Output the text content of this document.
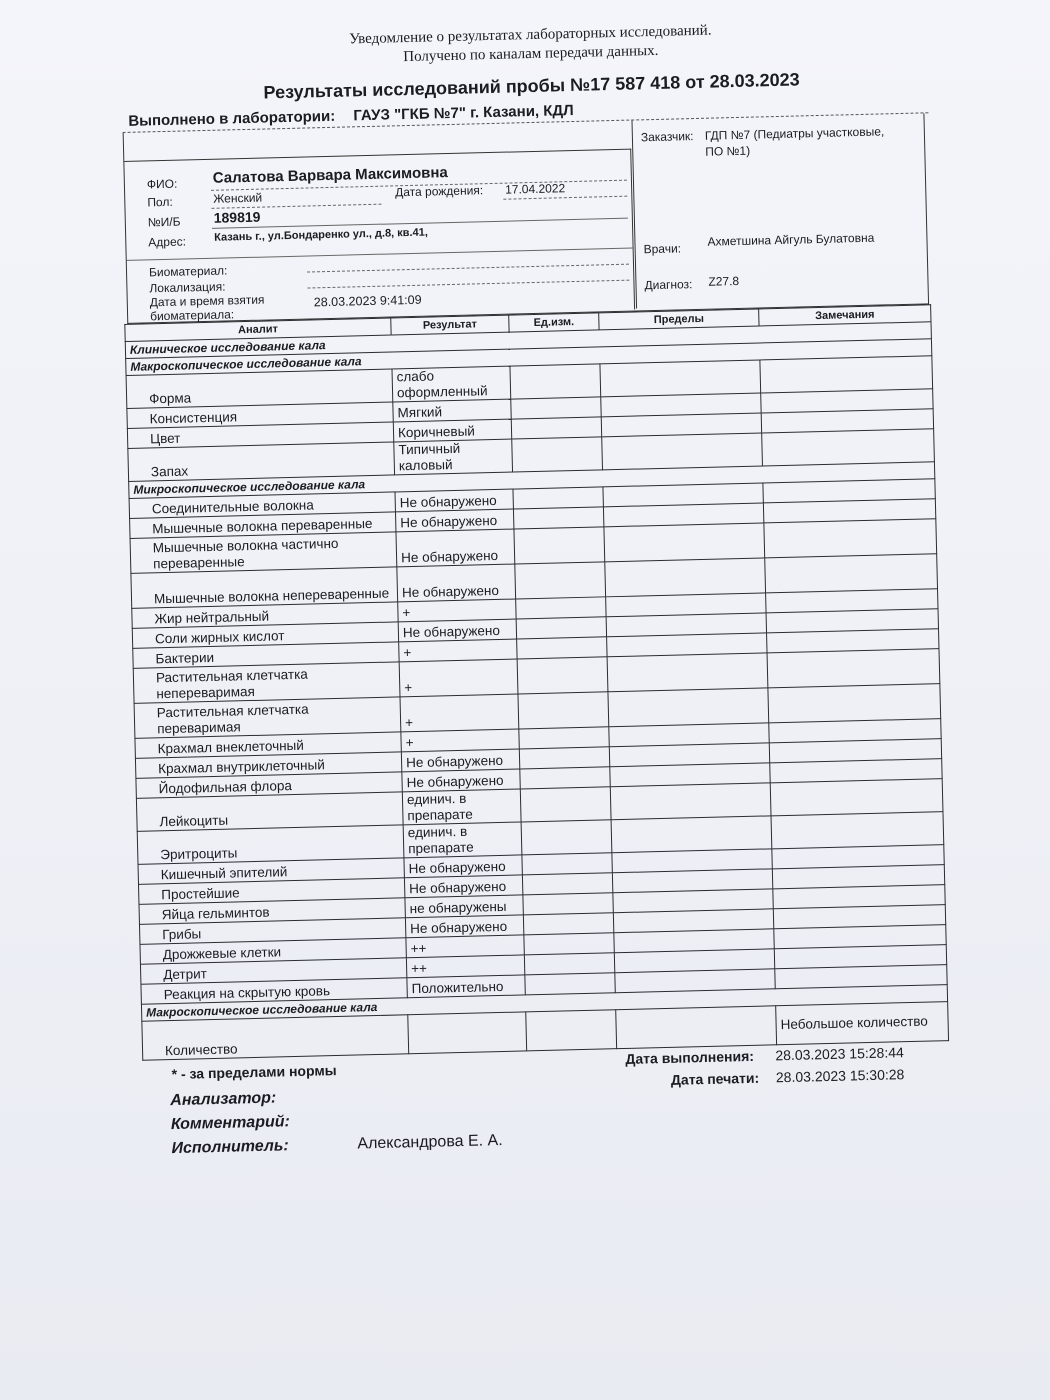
Уведомление о результатах лабораторных исследований.
Получено по каналам передачи данных.
Результаты исследований пробы №17 587 418 от 28.03.2023
Выполнено в лаборатории: ГАУЗ "ГКБ №7" г. Казани, КДЛ
ФИО: Салатова Варвара Максимовна
Пол:	Женский	Дата рождения: 17.04.2022
№И/Б 189819
Адрес:	Казань г., ул.Бондаренко ул., д.8, кв.41,
Биоматериал:
Локализация:
Дата и время взятия
биоматериала:
28.03.2023 9:41:09
Заказчик: ГДП №7 (Педиатры участковые,
ПО №1)
Врачи:
Ахметшина Айгуль Булатовна
Диагноз: Z27.8
Аналит	Результат	Ед.изм.	Пределы	Замечания
Клиническое исследование кала				
Макроскопическое исследование кала				
Форма	слабо оформленный			
Консистенция	Мягкий			
Цвет	Коричневый			
Запах	Типичный каловый			
Микроскопическое исследование кала				
Соединительные волокна	Не обнаружено			
Мышечные волокна переваренные	Не обнаружено			
Мышечные волокна частично переваренные	Не обнаружено			
Мышечные волокна непереваренные	Не обнаружено			
Жир нейтральный	+			
Соли жирных кислот	Не обнаружено			
Бактерии	+			
Растительная клетчатка непереваримая	+			
Растительная клетчатка переваримая	+			
Крахмал внеклеточный	+			
Крахмал внутриклеточный	Не обнаружено			
Йодофильная флора	Не обнаружено			
Лейкоциты	единич. в препарате			
Эритроциты	единич. в препарате			
Кишечный эпителий	Не обнаружено			
Простейшие	Не обнаружено			
Яйца гельминтов	не обнаружены			
Грибы	Не обнаружено			
Дрожжевые клетки	++			
Детрит	++			
Реакция на скрытую кровь	Положительно			
Макроскопическое исследование кала				
Количество				Небольшое количество
* - за пределами нормы
Дата выполнения: 28.03.2023 15:28:44
Дата печати: 28.03.2023 15:30:28
Анализатор:
Комментарий:
Исполнитель:	Александрова Е. А.
